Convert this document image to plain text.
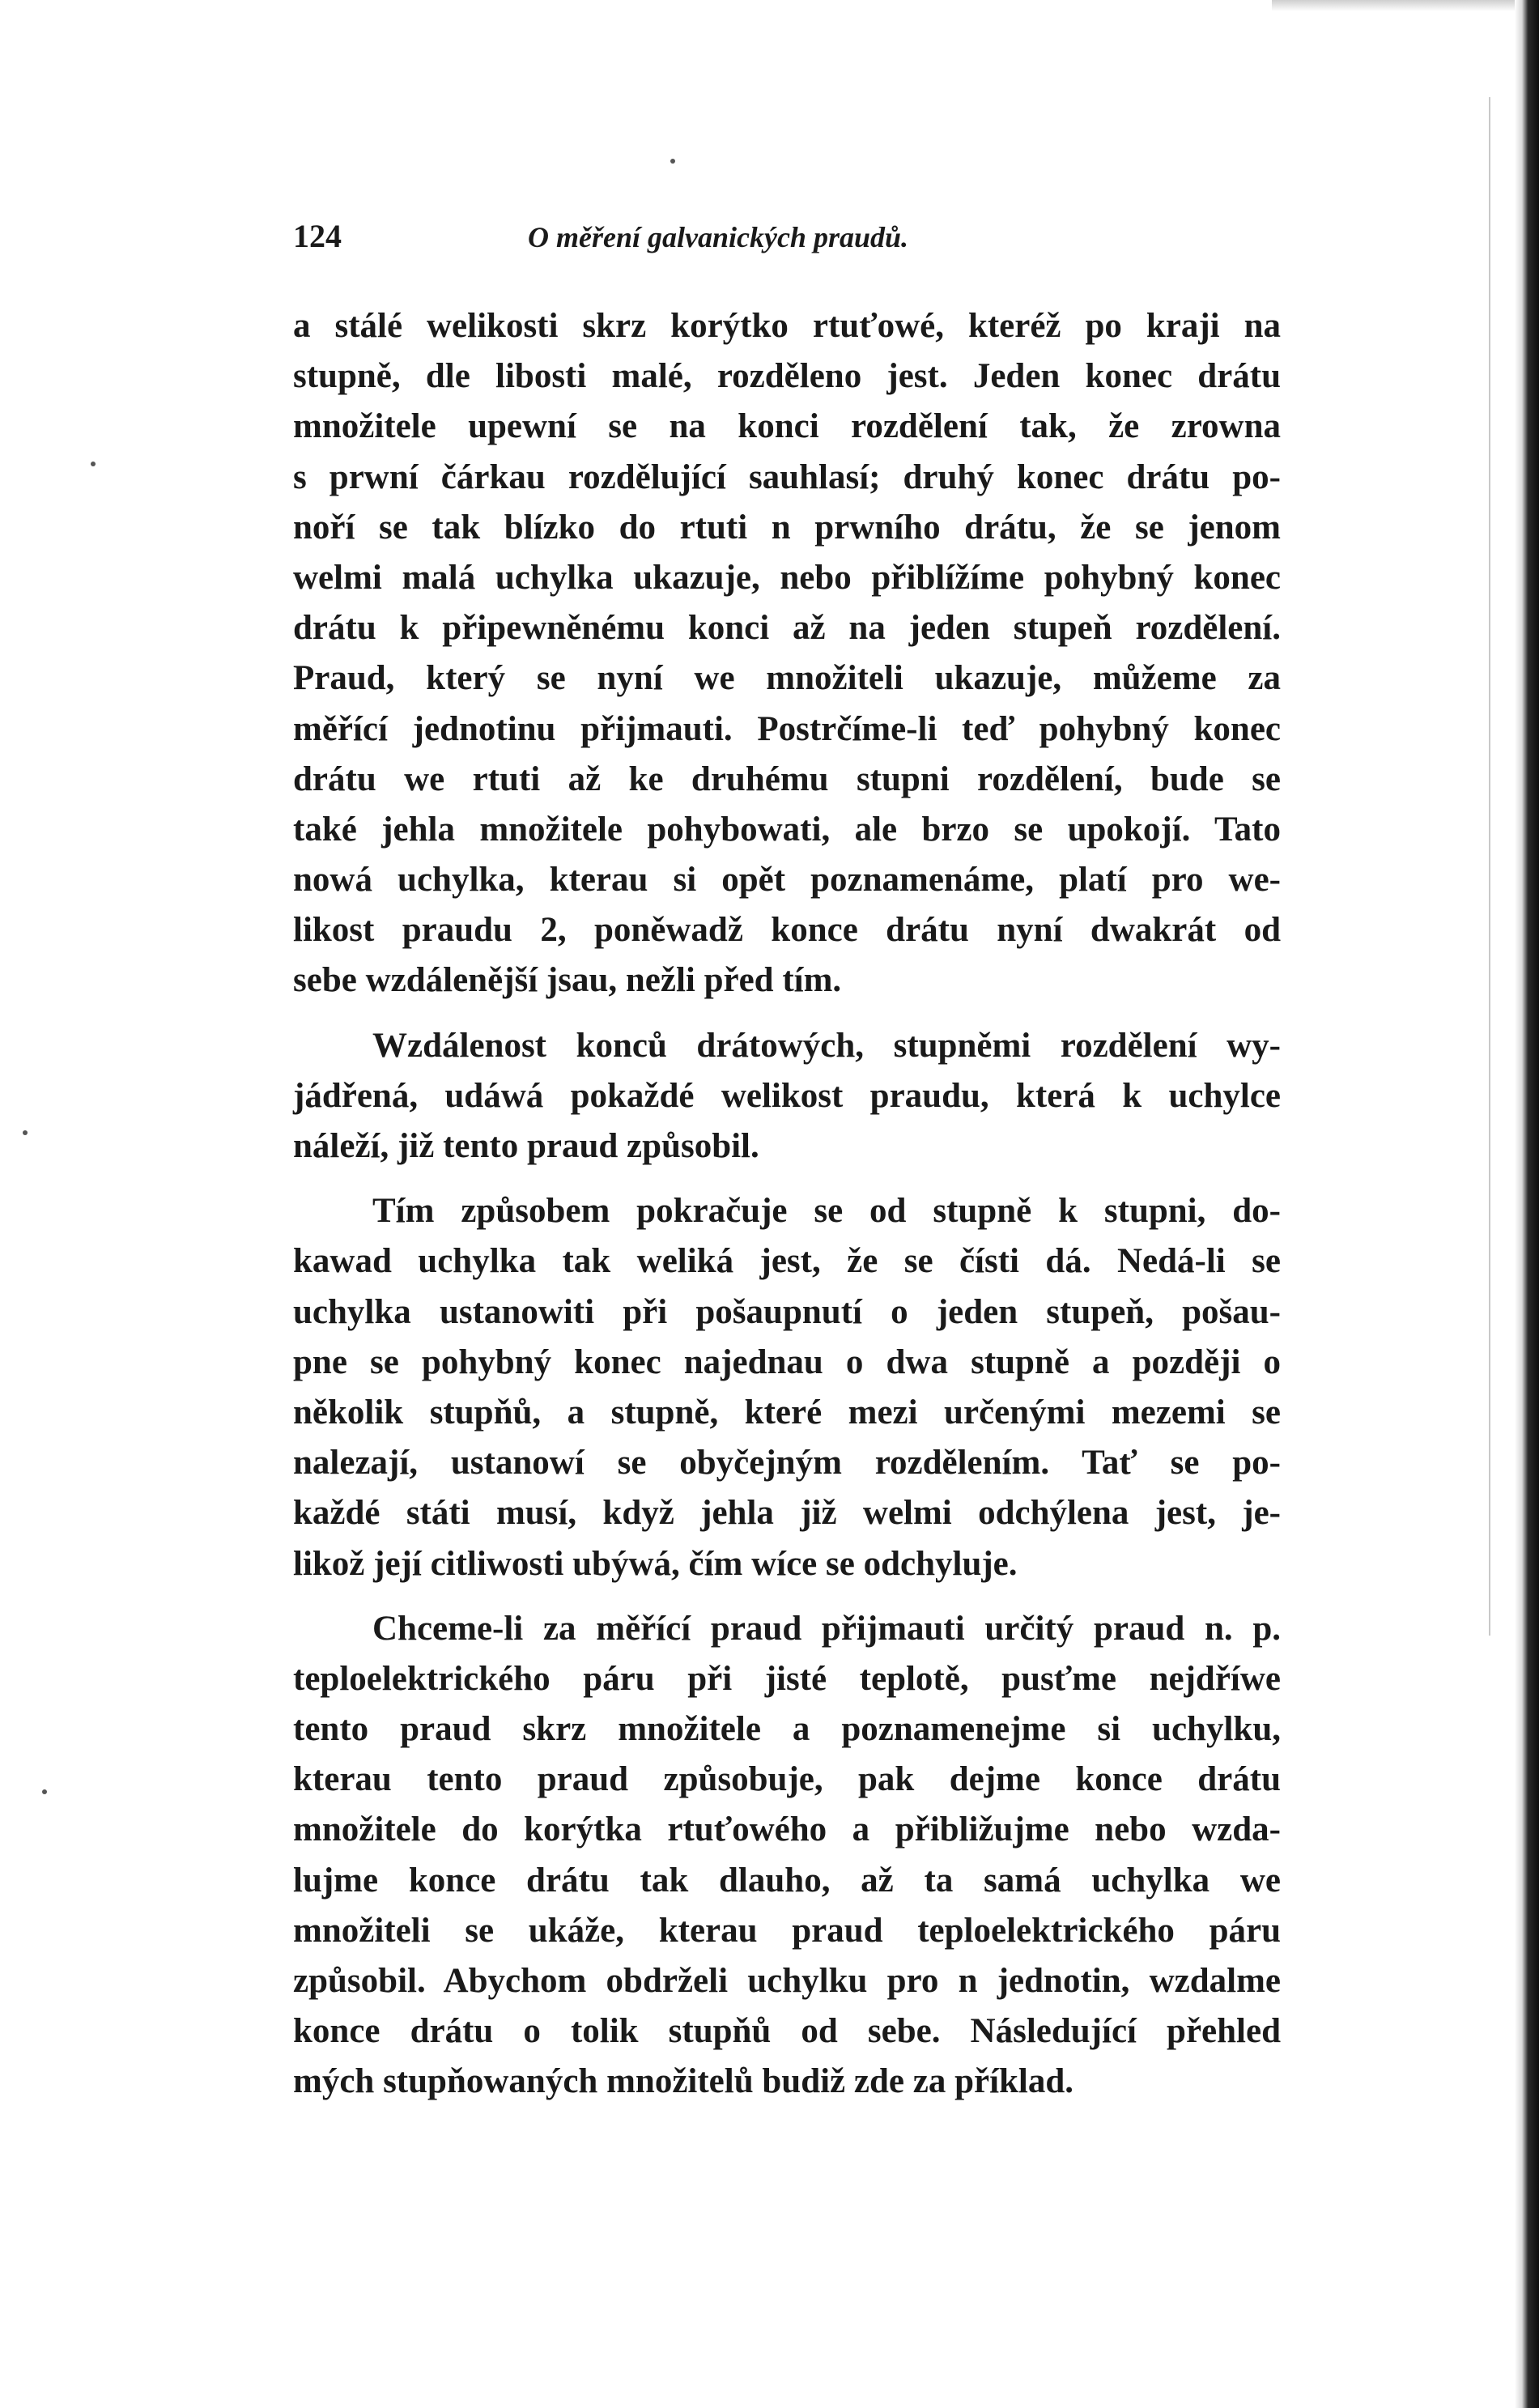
124	O měření galvanických praudů.
a stálé welikosti skrz korýtko rtuťowé, kteréž po kraji na
stupně, dle libosti malé, rozděleno jest. Jeden konec drátu
množitele upewní se na konci rozdělení tak, že zrowna
s prwní čárkau rozdělující sauhlasí; druhý konec drátu po-
noří se tak blízko do rtuti n prwního drátu, že se jenom
welmi malá uchylka ukazuje, nebo přiblížíme pohybný konec
drátu k připewněnému konci až na jeden stupeň rozdělení.
Praud, který se nyní we množiteli ukazuje, můžeme za
měřící jednotinu přijmauti. Postrčíme-li teď pohybný konec
drátu we rtuti až ke druhému stupni rozdělení, bude se
také jehla množitele pohybowati, ale brzo se upokojí. Tato
nowá uchylka, kterau si opět poznamenáme, platí pro we-
likost praudu 2, poněwadž konce drátu nyní dwakrát od
sebe wzdálenější jsau, nežli před tím.
Wzdálenost konců drátowých, stupněmi rozdělení wy-
jádřená, udáwá pokaždé welikost praudu, která k uchylce
náleží, již tento praud způsobil.
Tím způsobem pokračuje se od stupně k stupni, do-
kawad uchylka tak weliká jest, že se čísti dá. Nedá-li se
uchylka ustanowiti při pošaupnutí o jeden stupeň, pošau-
pne se pohybný konec najednau o dwa stupně a později o
několik stupňů, a stupně, které mezi určenými mezemi se
nalezají, ustanowí se obyčejným rozdělením. Tať se po-
každé státi musí, když jehla již welmi odchýlena jest, je-
likož její citliwosti ubýwá, čím wíce se odchyluje.
Chceme-li za měřící praud přijmauti určitý praud n. p.
teploelektrického páru při jisté teplotě, pusťme nejdříwe
tento praud skrz množitele a poznamenejme si uchylku,
kterau tento praud způsobuje, pak dejme konce drátu
množitele do korýtka rtuťowého a přibližujme nebo wzda-
lujme konce drátu tak dlauho, až ta samá uchylka we
množiteli se ukáže, kterau praud teploelektrického páru
způsobil. Abychom obdrželi uchylku pro n jednotin, wzdalme
konce drátu o tolik stupňů od sebe. Následující přehled
mých stupňowaných množitelů budiž zde za příklad.
